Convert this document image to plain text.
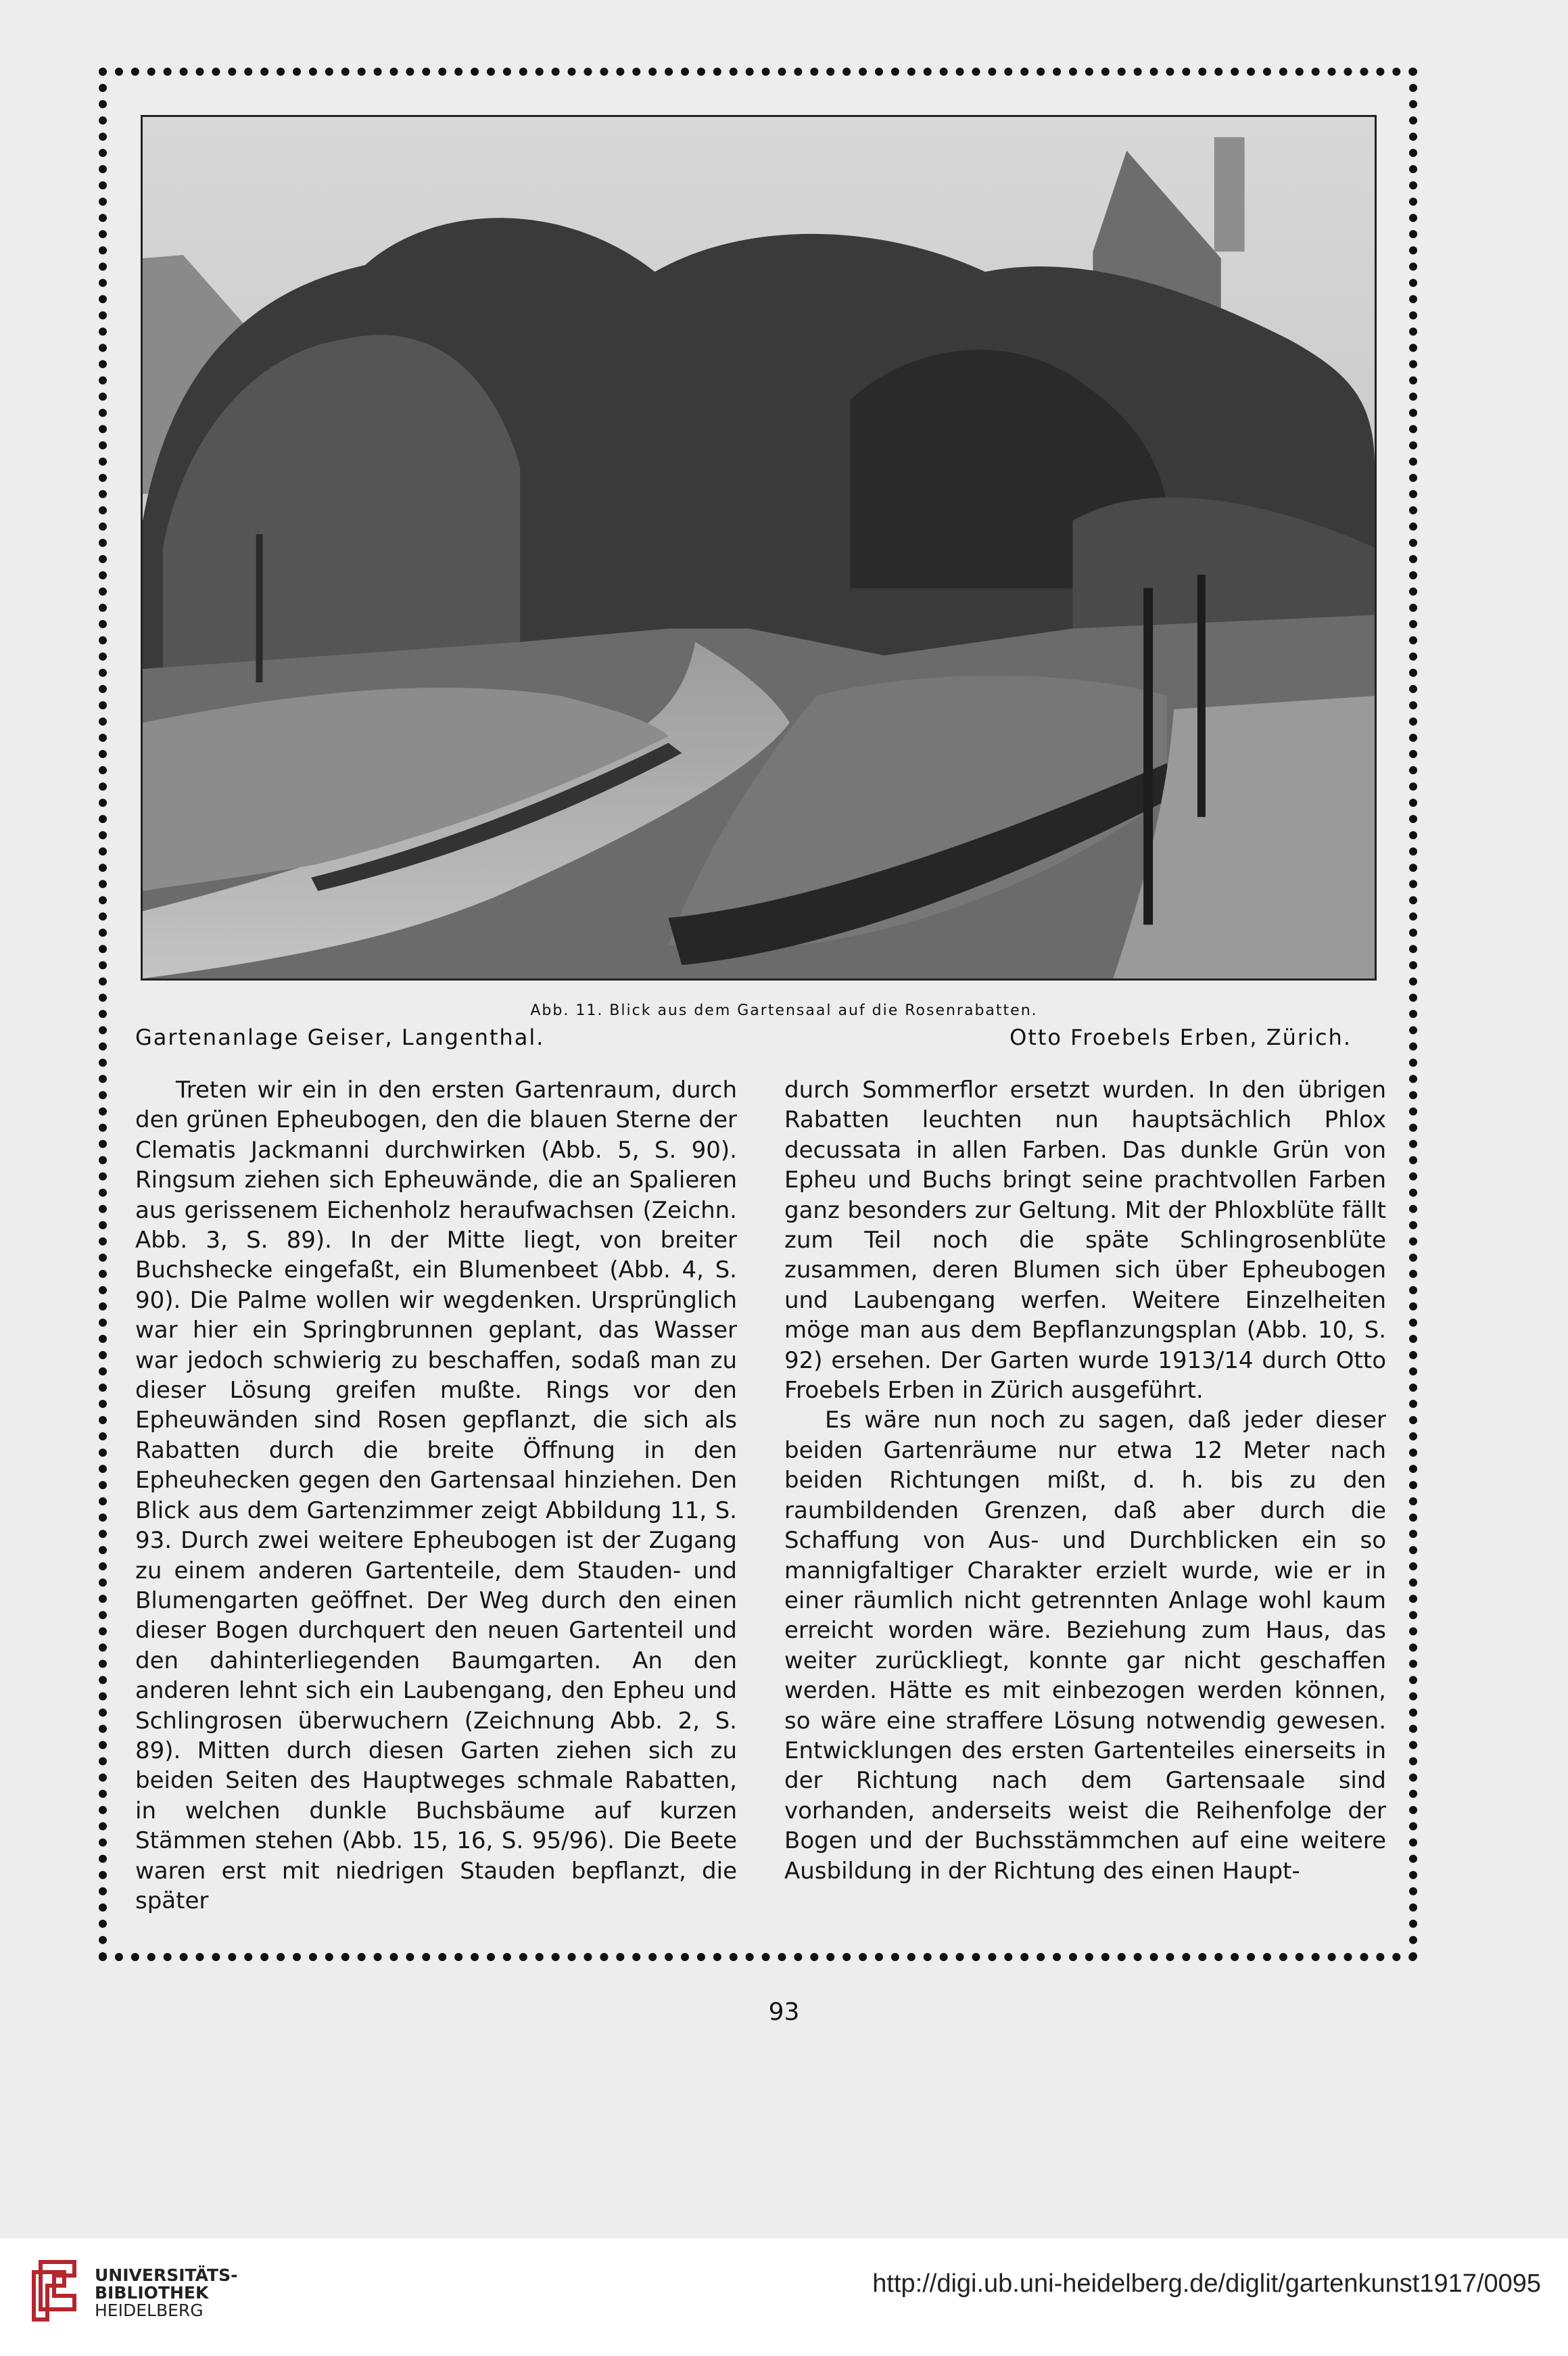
Abb. 11. Blick aus dem Gartensaal auf die Rosenrabatten.
Gartenanlage Geiser, Langenthal.	Otto Froebels Erben, Zürich.

Treten wir ein in den ersten Gartenraum, durch den grünen Epheubogen, den die blauen Sterne der Clematis Jackmanni durchwirken (Abb. 5, S. 90). Ringsum ziehen sich Epheuwände, die an Spalieren aus gerissenem Eichenholz heraufwachsen (Zeichn. Abb. 3, S. 89). In der Mitte liegt, von breiter Buchshecke eingefaßt, ein Blumenbeet (Abb. 4, S. 90). Die Palme wollen wir wegdenken. Ursprünglich war hier ein Springbrunnen geplant, das Wasser war jedoch schwierig zu beschaffen, sodaß man zu dieser Lösung greifen mußte. Rings vor den Epheuwänden sind Rosen gepflanzt, die sich als Rabatten durch die breite Öffnung in den Epheuhecken gegen den Gartensaal hinziehen. Den Blick aus dem Gartenzimmer zeigt Abbildung 11, S. 93. Durch zwei weitere Epheubogen ist der Zugang zu einem anderen Gartenteile, dem Stauden- und Blumengarten geöffnet. Der Weg durch den einen dieser Bogen durchquert den neuen Gartenteil und den dahinterliegenden Baumgarten. An den anderen lehnt sich ein Laubengang, den Epheu und Schlingrosen überwuchern (Zeichnung Abb. 2, S. 89). Mitten durch diesen Garten ziehen sich zu beiden Seiten des Hauptweges schmale Rabatten, in welchen dunkle Buchsbäume auf kurzen Stämmen stehen (Abb. 15, 16, S. 95/96). Die Beete waren erst mit niedrigen Stauden bepflanzt, die später

durch Sommerflor ersetzt wurden. In den übrigen Rabatten leuchten nun hauptsächlich Phlox decussata in allen Farben. Das dunkle Grün von Epheu und Buchs bringt seine prachtvollen Farben ganz besonders zur Geltung. Mit der Phloxblüte fällt zum Teil noch die späte Schlingrosenblüte zusammen, deren Blumen sich über Epheubogen und Laubengang werfen. Weitere Einzelheiten möge man aus dem Bepflanzungsplan (Abb. 10, S. 92) ersehen. Der Garten wurde 1913/14 durch Otto Froebels Erben in Zürich ausgeführt.

Es wäre nun noch zu sagen, daß jeder dieser beiden Gartenräume nur etwa 12 Meter nach beiden Richtungen mißt, d. h. bis zu den raumbildenden Grenzen, daß aber durch die Schaffung von Aus- und Durchblicken ein so mannigfaltiger Charakter erzielt wurde, wie er in einer räumlich nicht getrennten Anlage wohl kaum erreicht worden wäre. Beziehung zum Haus, das weiter zurückliegt, konnte gar nicht geschaffen werden. Hätte es mit einbezogen werden können, so wäre eine straffere Lösung notwendig gewesen. Entwicklungen des ersten Gartenteiles einerseits in der Richtung nach dem Gartensaale sind vorhanden, anderseits weist die Reihenfolge der Bogen und der Buchsstämmchen auf eine weitere Ausbildung in der Richtung des einen Haupt-

93
UNIVERSITÄTS-
BIBLIOTHEK
HEIDELBERG
http://digi.ub.uni-heidelberg.de/diglit/gartenkunst1917/0095
